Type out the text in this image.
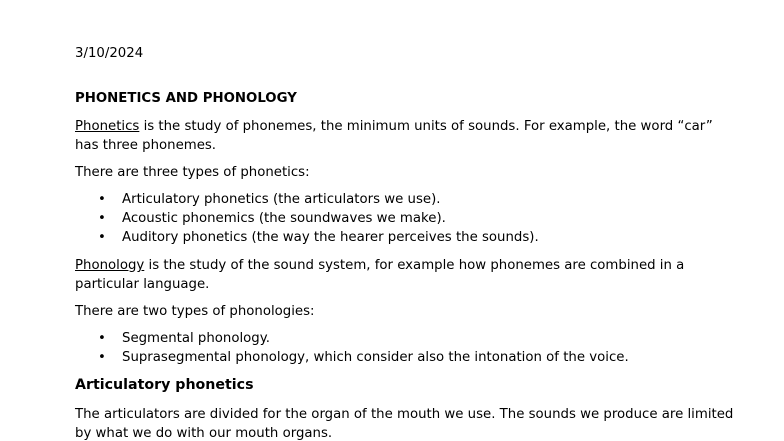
3/10/2024
PHONETICS AND PHONOLOGY

Phonetics is the study of phonemes, the minimum units of sounds. For example, the word “car” has three phonemes.

There are three types of phonetics:

• Articulatory phonetics (the articulators we use).
• Acoustic phonemics (the soundwaves we make).
• Auditory phonetics (the way the hearer perceives the sounds).

Phonology is the study of the sound system, for example how phonemes are combined in a particular language.

There are two types of phonologies:

• Segmental phonology.
• Suprasegmental phonology, which consider also the intonation of the voice.
Articulatory phonetics

The articulators are divided for the organ of the mouth we use. The sounds we produce are limited by what we do with our mouth organs.
